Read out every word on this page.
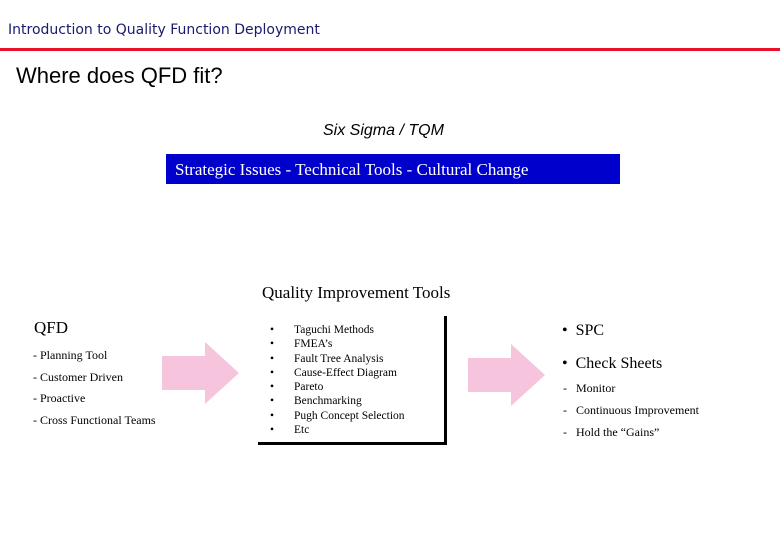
Introduction to Quality Function Deployment
Where does QFD fit?
Six Sigma / TQM
Strategic Issues - Technical Tools - Cultural Change
Quality Improvement Tools
QFD
- Planning Tool
- Customer Driven
- Proactive
- Cross Functional Teams
• Taguchi Methods
• FMEA’s
• Fault Tree Analysis
• Cause-Effect Diagram
• Pareto
• Benchmarking
• Pugh Concept Selection
• Etc
• SPC
• Check Sheets
- Monitor
- Continuous Improvement
- Hold the “Gains”
